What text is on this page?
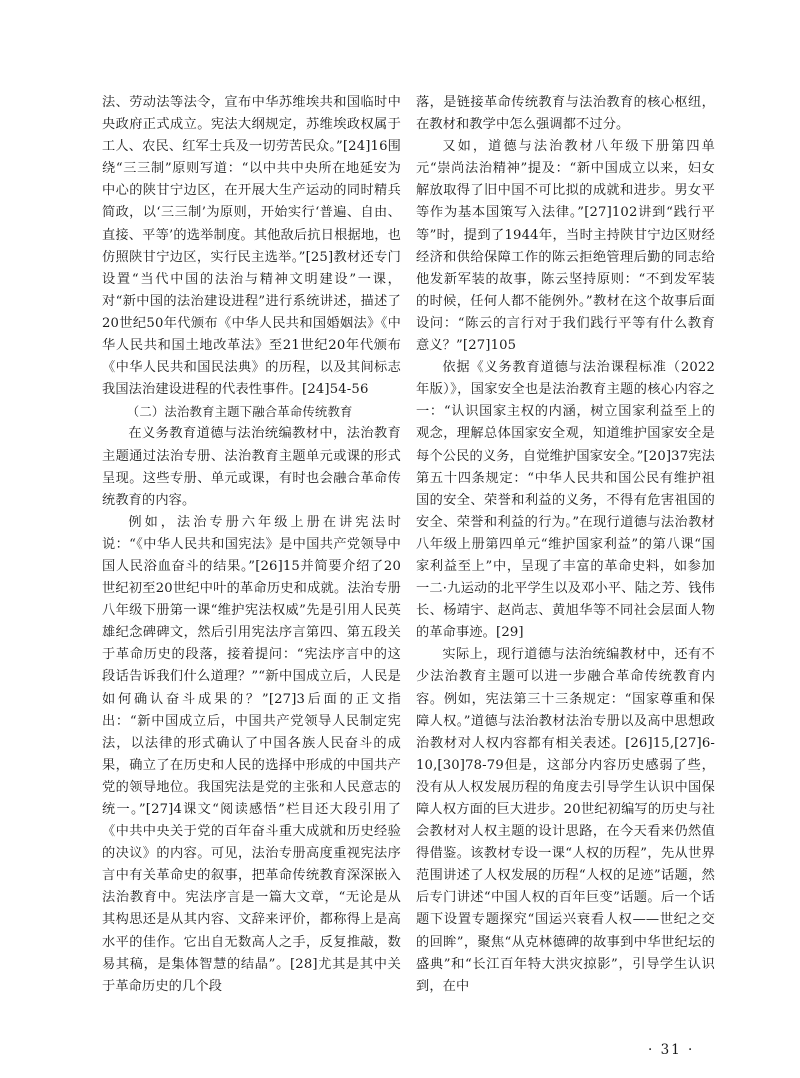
法、劳动法等法令，宣布中华苏维埃共和国临时中央政府正式成立。宪法大纲规定，苏维埃政权属于工人、农民、红军士兵及一切劳苦民众。”[24]16围绕“三三制”原则写道：“以中共中央所在地延安为中心的陕甘宁边区，在开展大生产运动的同时精兵简政，以‘三三制’为原则，开始实行‘普遍、自由、直接、平等’的选举制度。其他敌后抗日根据地，也仿照陕甘宁边区，实行民主选举。”[25]教材还专门设置“当代中国的法治与精神文明建设”一课，对“新中国的法治建设进程”进行系统讲述，描述了20世纪50年代颁布《中华人民共和国婚姻法》《中华人民共和国土地改革法》至21世纪20年代颁布《中华人民共和国民法典》的历程，以及其间标志我国法治建设进程的代表性事件。[24]54-56

（二）法治教育主题下融合革命传统教育

在义务教育道德与法治统编教材中，法治教育主题通过法治专册、法治教育主题单元或课的形式呈现。这些专册、单元或课，有时也会融合革命传统教育的内容。

例如，法治专册六年级上册在讲宪法时说：“《中华人民共和国宪法》是中国共产党领导中国人民浴血奋斗的结果。”[26]15并简要介绍了20世纪初至20世纪中叶的革命历史和成就。法治专册八年级下册第一课“维护宪法权威”先是引用人民英雄纪念碑碑文，然后引用宪法序言第四、第五段关于革命历史的段落，接着提问：“宪法序言中的这段话告诉我们什么道理？”“新中国成立后，人民是如何确认奋斗成果的？”[27]3后面的正文指出：“新中国成立后，中国共产党领导人民制定宪法，以法律的形式确认了中国各族人民奋斗的成果，确立了在历史和人民的选择中形成的中国共产党的领导地位。我国宪法是党的主张和人民意志的统一。”[27]4课文“阅读感悟”栏目还大段引用了《中共中央关于党的百年奋斗重大成就和历史经验的决议》的内容。可见，法治专册高度重视宪法序言中有关革命史的叙事，把革命传统教育深深嵌入法治教育中。宪法序言是一篇大文章，“无论是从其构思还是从其内容、文辞来评价，都称得上是高水平的佳作。它出自无数高人之手，反复推敲，数易其稿，是集体智慧的结晶”。[28]尤其是其中关于革命历史的几个段

落，是链接革命传统教育与法治教育的核心枢纽，在教材和教学中怎么强调都不过分。

又如，道德与法治教材八年级下册第四单元“崇尚法治精神”提及：“新中国成立以来，妇女解放取得了旧中国不可比拟的成就和进步。男女平等作为基本国策写入法律。”[27]102讲到“践行平等”时，提到了1944年，当时主持陕甘宁边区财经经济和供给保障工作的陈云拒绝管理后勤的同志给他发新军装的故事，陈云坚持原则：“不到发军装的时候，任何人都不能例外。”教材在这个故事后面设问：“陈云的言行对于我们践行平等有什么教育意义？”[27]105

依据《义务教育道德与法治课程标准（2022年版）》，国家安全也是法治教育主题的核心内容之一：“认识国家主权的内涵，树立国家利益至上的观念，理解总体国家安全观，知道维护国家安全是每个公民的义务，自觉维护国家安全。”[20]37宪法第五十四条规定：“中华人民共和国公民有维护祖国的安全、荣誉和利益的义务，不得有危害祖国的安全、荣誉和利益的行为。”在现行道德与法治教材八年级上册第四单元“维护国家利益”的第八课“国家利益至上”中，呈现了丰富的革命史料，如参加一二·九运动的北平学生以及邓小平、陆之芳、钱伟长、杨靖宇、赵尚志、黄旭华等不同社会层面人物的革命事迹。[29]

实际上，现行道德与法治统编教材中，还有不少法治教育主题可以进一步融合革命传统教育内容。例如，宪法第三十三条规定：“国家尊重和保障人权。”道德与法治教材法治专册以及高中思想政治教材对人权内容都有相关表述。[26]15,[27]6-10,[30]78-79但是，这部分内容历史感弱了些，没有从人权发展历程的角度去引导学生认识中国保障人权方面的巨大进步。20世纪初编写的历史与社会教材对人权主题的设计思路，在今天看来仍然值得借鉴。该教材专设一课“人权的历程”，先从世界范围讲述了人权发展的历程“人权的足迹”话题，然后专门讲述“中国人权的百年巨变”话题。后一个话题下设置专题探究“国运兴衰看人权——世纪之交的回眸”，聚焦“从克林德碑的故事到中华世纪坛的盛典”和“长江百年特大洪灾掠影”，引导学生认识到，在中

· 31 ·
